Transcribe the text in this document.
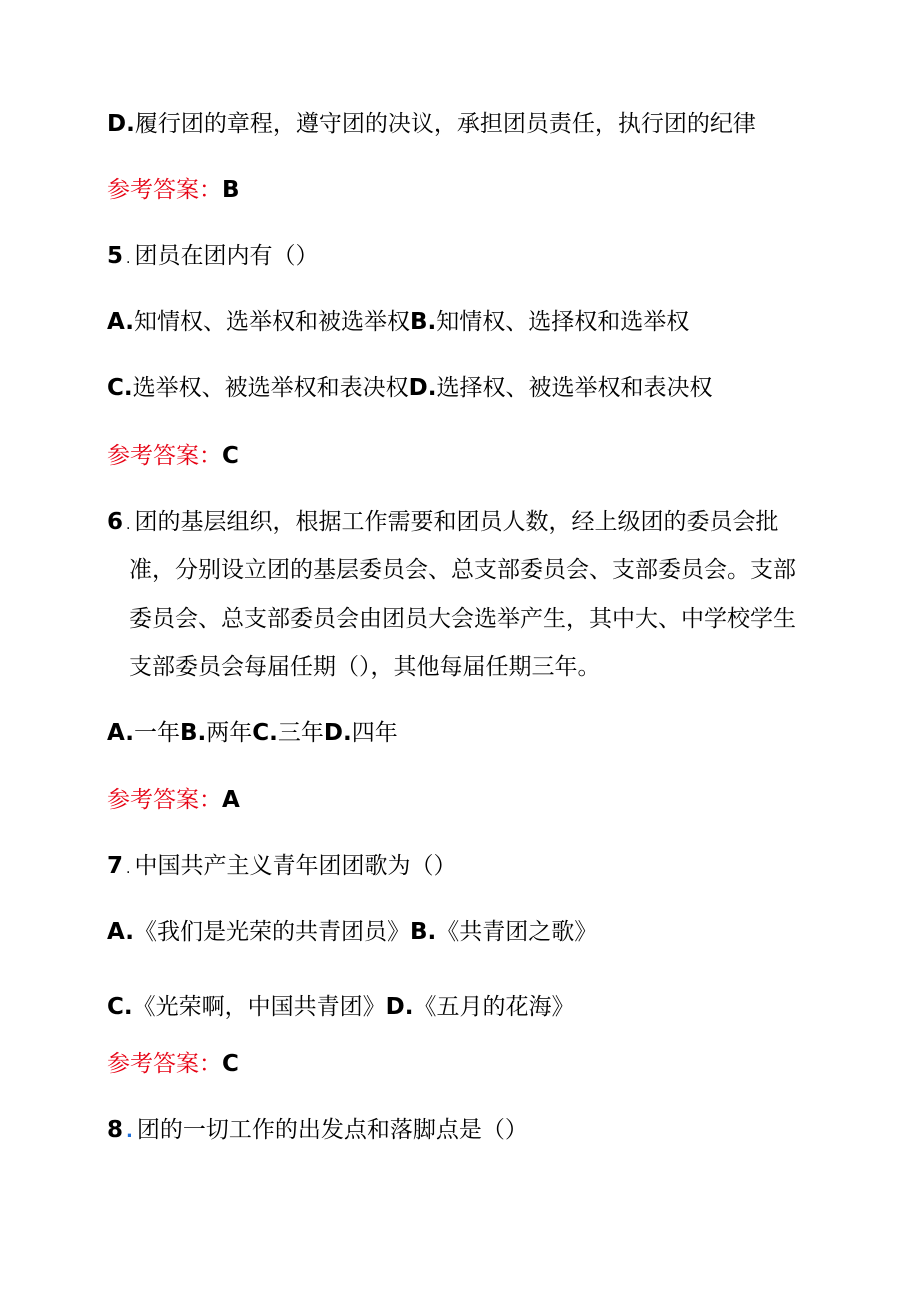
D.履行团的章程，遵守团的决议，承担团员责任，执行团的纪律
参考答案：B
5 . 团员在团内有（）
A.知情权、选举权和被选举权B.知情权、选择权和选举权
C.选举权、被选举权和表决权D.选择权、被选举权和表决权
参考答案：C
6 . 团的基层组织，根据工作需要和团员人数，经上级团的委员会批
准，分别设立团的基层委员会、总支部委员会、支部委员会。支部
委员会、总支部委员会由团员大会选举产生，其中大、中学校学生
支部委员会每届任期（），其他每届任期三年。
A.一年B.两年C.三年D.四年
参考答案：A
7 . 中国共产主义青年团团歌为（）
A.《我们是光荣的共青团员》B.《共青团之歌》
C.《光荣啊，中国共青团》D.《五月的花海》
参考答案：C
8 . 团的一切工作的出发点和落脚点是（）
